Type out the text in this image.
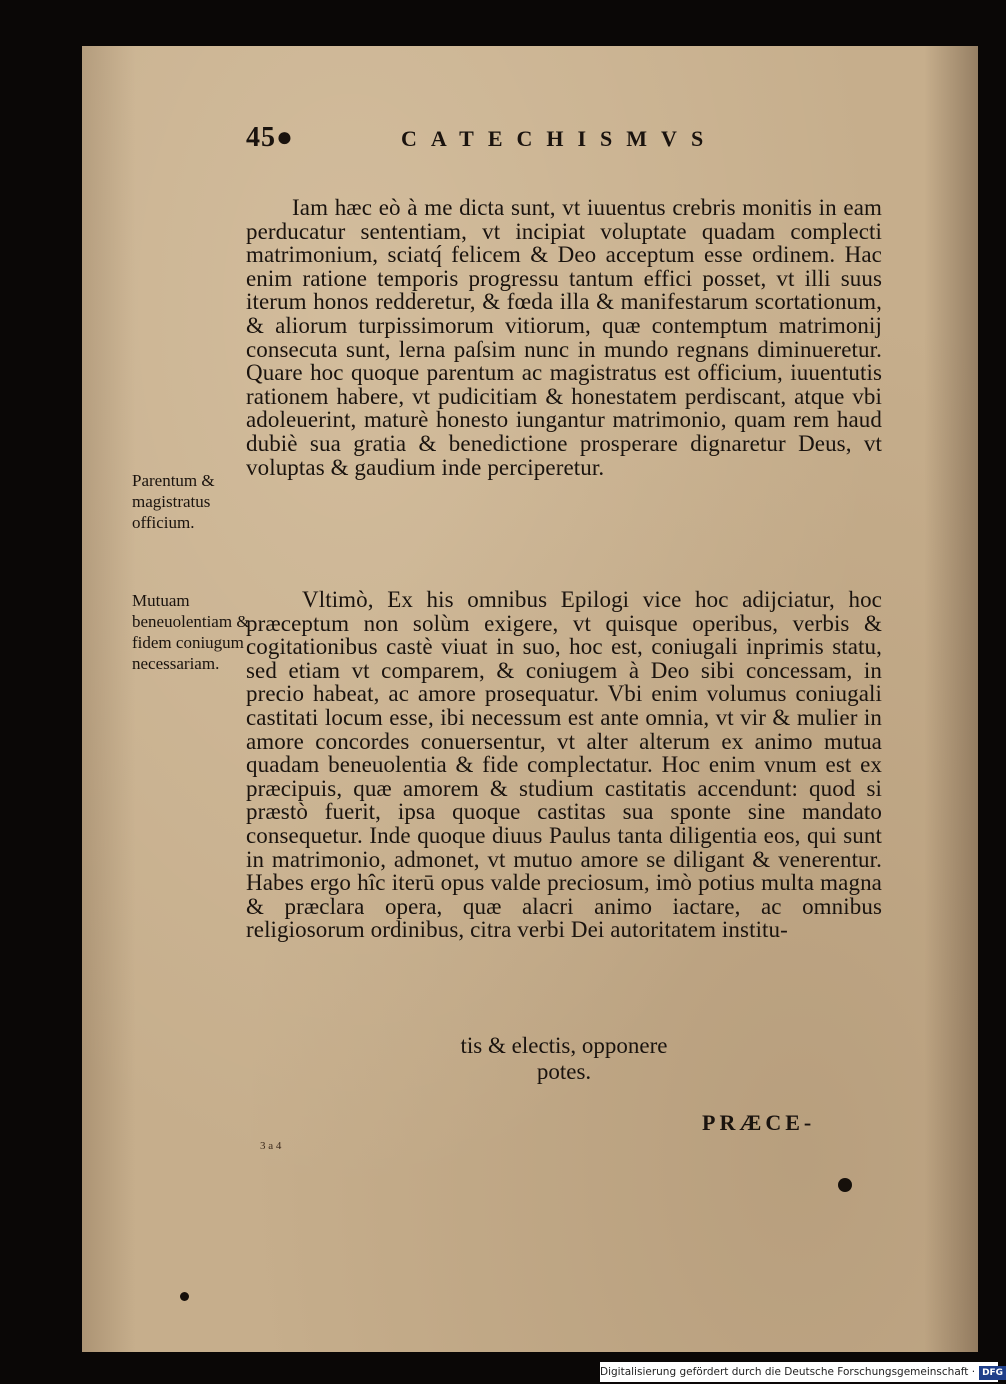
45●	CATECHISMVS

Iam hæc eò à me dicta sunt, vt iuuentus crebris monitis in eam perducatur sententiam, vt incipiat voluptate quadam complecti matrimonium, sciatq́ felicem & Deo acceptum esse ordinem. Hac enim ratione temporis progressu tantum effici posset, vt illi suus iterum honos redderetur, & fœda illa & manifestarum scortationum, & aliorum turpissimorum vitiorum, quæ contemptum matrimonij consecuta sunt, lerna paſsim nunc in mundo regnans diminueretur. Quare hoc quoque parentum ac magistratus est officium, iuuentutis rationem habere, vt pudicitiam & honestatem perdiscant, atque vbi adoleuerint, maturè honesto iungantur matrimonio, quam rem haud dubiè sua gratia & benedictione prosperare dignaretur Deus, vt voluptas & gaudium inde perciperetur.

Vltimò, Ex his omnibus Epilogi vice hoc adijciatur, hoc præceptum non solùm exigere, vt quisque operibus, verbis & cogitationibus castè viuat in suo, hoc est, coniugali inprimis statu, sed etiam vt comparem, & coniugem à Deo sibi concessam, in precio habeat, ac amore prosequatur. Vbi enim volumus coniugali castitati locum esse, ibi necessum est ante omnia, vt vir & mulier in amore concordes conuersentur, vt alter alterum ex animo mutua quadam beneuolentia & fide complectatur. Hoc enim vnum est ex præcipuis, quæ amorem & studium castitatis accendunt: quod si præstò fuerit, ipsa quoque castitas sua sponte sine mandato consequetur. Inde quoque diuus Paulus tanta diligentia eos, qui sunt in matrimonio, admonet, vt mutuo amore se diligant & venerentur. Habes ergo hîc iterū opus valde preciosum, imò potius multa magna & præclara opera, quæ alacri animo iactare, ac omnibus religiosorum ordinibus, citra verbi Dei autoritatem institu-

tis & electis, opponere
potes.
Parentum & magistratus officium.
Mutuam beneuolentiam & fidem coniugum necessariam.
PRÆCE-
3 a 4
Digitalisierung gefördert durch die Deutsche Forschungsgemeinschaft · DFG
